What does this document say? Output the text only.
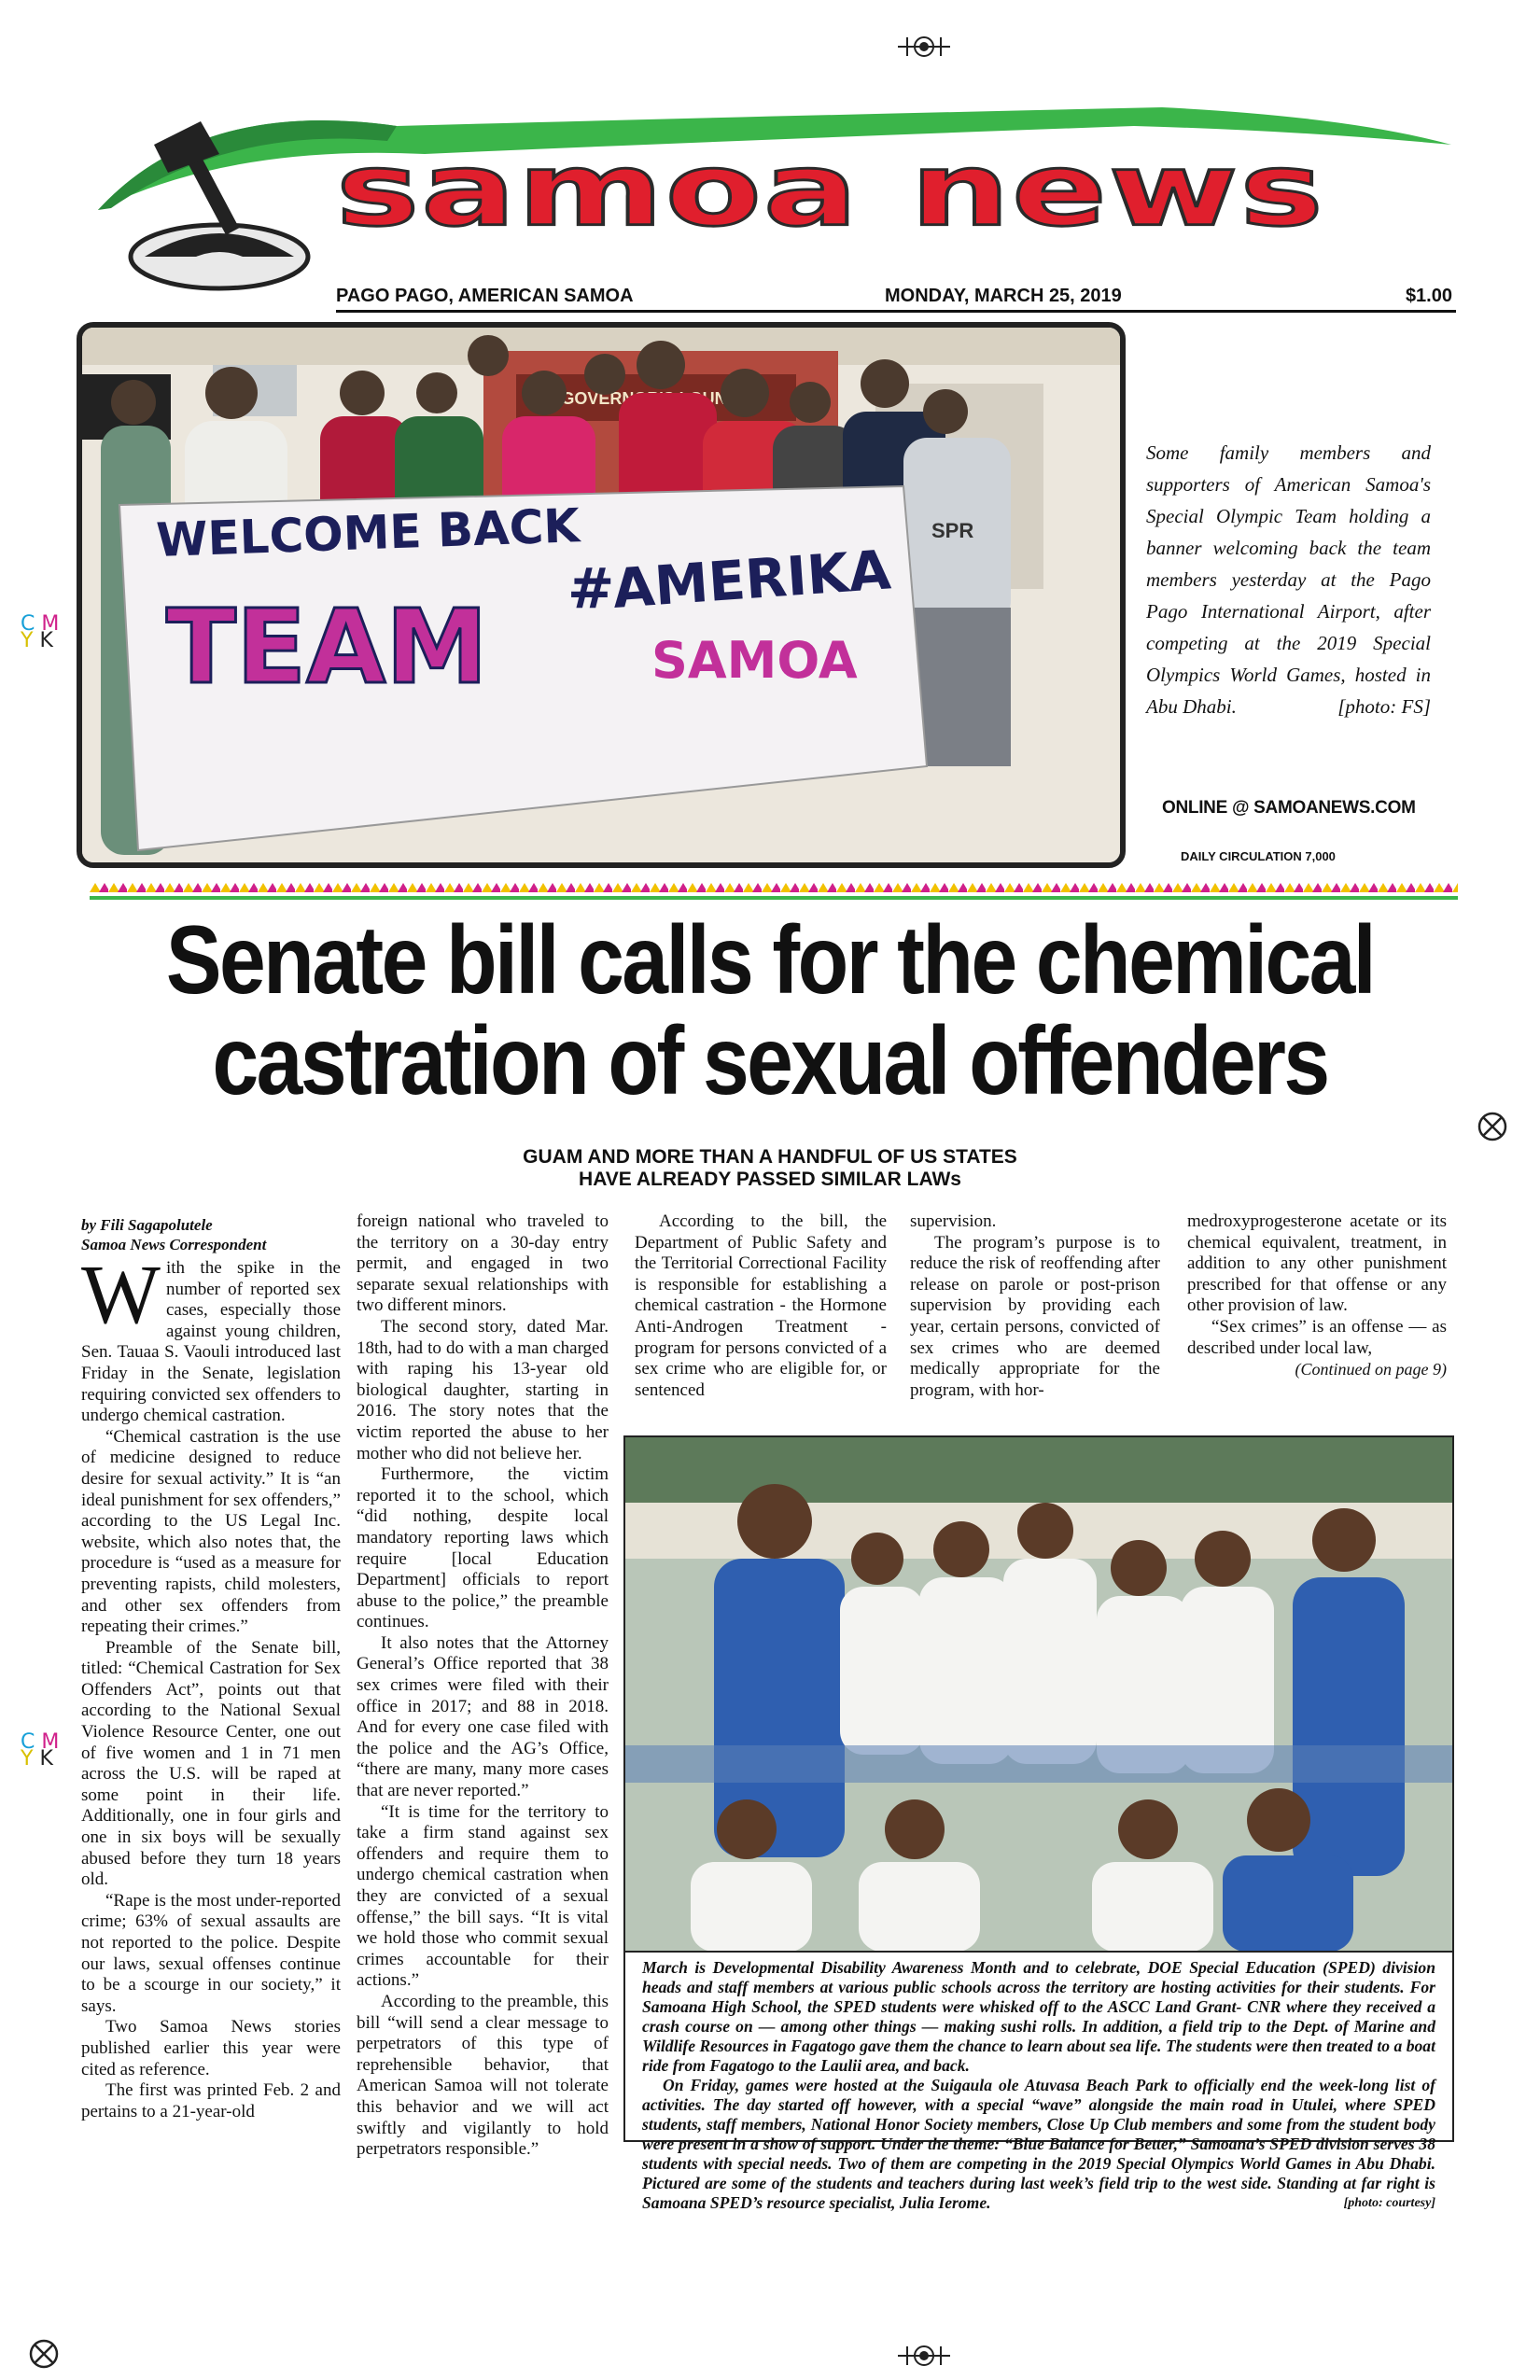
C M
Y K
C M
Y K
samoa news
PAGO PAGO, AMERICAN SAMOA	MONDAY, MARCH 25, 2019	$1.00
GOVERNOR'S LOUNGE
WELCOME BACK
TEAM #
AMERIKA
SAMOA
SPR
Some family members and supporters of American Samoa's Special Olympic Team holding a banner welcoming back the team members yesterday at the Pago Pago International Airport, after competing at the 2019 Special Olympics World Games, hosted in Abu Dhabi.	[photo: FS]
ONLINE @ SAMOANEWS.COM
DAILY CIRCULATION 7,000
Senate bill calls for the chemical
castration of sexual offenders
GUAM AND MORE THAN A HANDFUL OF US STATES
HAVE ALREADY PASSED SIMILAR LAWs
by Fili Sagapolutele
Samoa News Correspondent

With the spike in the number of reported sex cases, especially those against young children, Sen. Tauaa S. Vaouli introduced last Friday in the Senate, legislation requiring convicted sex offenders to undergo chemical castration.

“Chemical castration is the use of medicine designed to reduce desire for sexual activity.” It is “an ideal punishment for sex offenders,” according to the US Legal Inc. website, which also notes that, the procedure is “used as a measure for preventing rapists, child molesters, and other sex offenders from repeating their crimes.”

Preamble of the Senate bill, titled: “Chemical Castration for Sex Offenders Act”, points out that according to the National Sexual Violence Resource Center, one out of five women and 1 in 71 men across the U.S. will be raped at some point in their life. Additionally, one in four girls and one in six boys will be sexually abused before they turn 18 years old.

“Rape is the most under-reported crime; 63% of sexual assaults are not reported to the police. Despite our laws, sexual offenses continue to be a scourge in our society,” it says.

Two Samoa News stories published earlier this year were cited as reference.

The first was printed Feb. 2 and pertains to a 21-year-old

foreign national who traveled to the territory on a 30-day entry permit, and engaged in two separate sexual relationships with two different minors.

The second story, dated Mar. 18th, had to do with a man charged with raping his 13-year old biological daughter, starting in 2016. The story notes that the victim reported the abuse to her mother who did not believe her.

Furthermore, the victim reported it to the school, which “did nothing, despite local mandatory reporting laws which require [local Education Department] officials to report abuse to the police,” the preamble continues.

It also notes that the Attorney General’s Office reported that 38 sex crimes were filed with their office in 2017; and 88 in 2018. And for every one case filed with the police and the AG’s Office, “there are many, many more cases that are never reported.”

“It is time for the territory to take a firm stand against sex offenders and require them to undergo chemical castration when they are convicted of a sexual offense,” the bill says. “It is vital we hold those who commit sexual crimes accountable for their actions.”

According to the preamble, this bill “will send a clear message to perpetrators of this type of reprehensible behavior, that American Samoa will not tolerate this behavior and we will act swiftly and vigilantly to hold perpetrators responsible.”

According to the bill, the Department of Public Safety and the Territorial Correctional Facility is responsible for establishing a chemical castration - the Hormone Anti-Androgen Treatment - program for persons convicted of a sex crime who are eligible for, or sentenced

supervision.

The program’s purpose is to reduce the risk of reoffending after release on parole or post-prison supervision by providing each year, certain persons, convicted of sex crimes who are deemed medically appropriate for the program, with hor-

medroxyprogesterone acetate or its chemical equivalent, treatment, in addition to any other punishment prescribed for that offense or any other provision of law.

“Sex crimes” is an offense — as described under local law,

(Continued on page 9)

March is Developmental Disability Awareness Month and to celebrate, DOE Special Education (SPED) division heads and staff members at various public schools across the territory are hosting activities for their students. For Samoana High School, the SPED students were whisked off to the ASCC Land Grant- CNR where they received a crash course on — among other things — making sushi rolls. In addition, a field trip to the Dept. of Marine and Wildlife Resources in Fagatogo gave them the chance to learn about sea life. The students were then treated to a boat ride from Fagatogo to the Laulii area, and back.

On Friday, games were hosted at the Suigaula ole Atuvasa Beach Park to officially end the week-long list of activities. The day started off however, with a special “wave” alongside the main road in Utulei, where SPED students, staff members, National Honor Society members, Close Up Club members and some from the student body were present in a show of support. Under the theme: “Blue Balance for Better,” Samoana’s SPED division serves 38 students with special needs. Two of them are competing in the 2019 Special Olympics World Games in Abu Dhabi. Pictured are some of the students and teachers during last week’s field trip to the west side. Standing at far right is Samoana SPED’s resource specialist, Julia Ierome.	[photo: courtesy]
